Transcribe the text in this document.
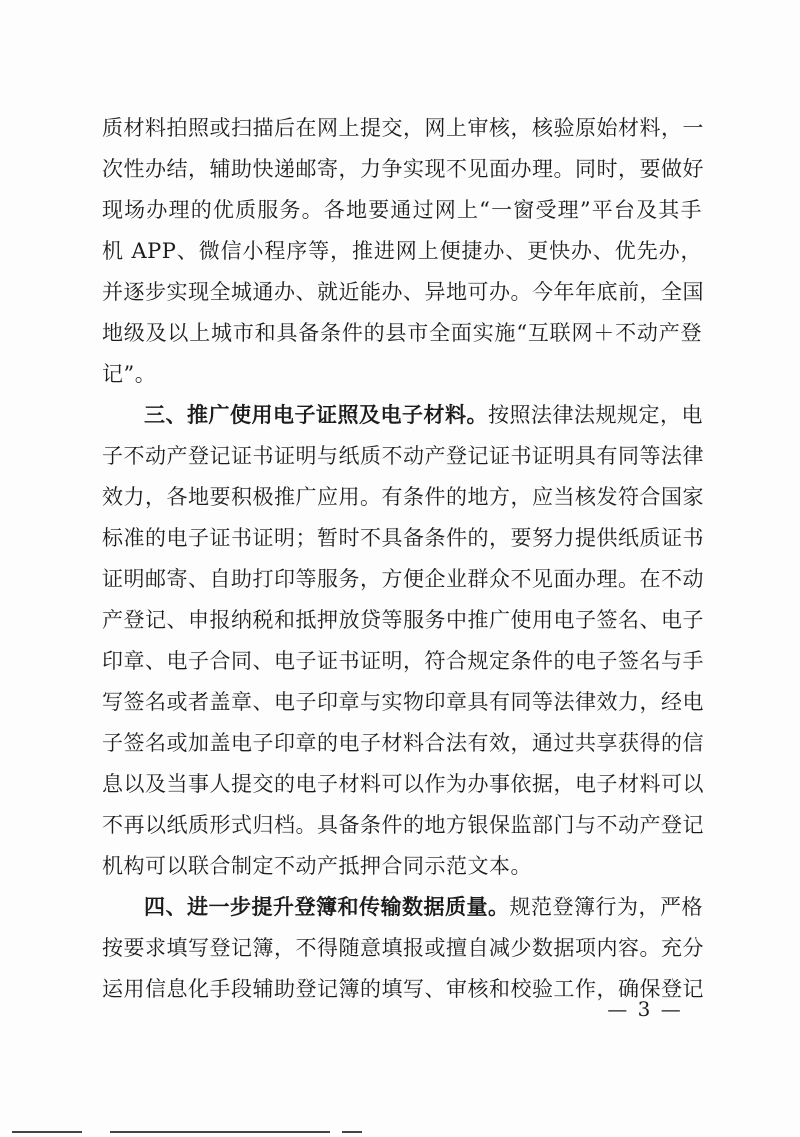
质材料拍照或扫描后在网上提交，网上审核，核验原始材料，一
次性办结，辅助快递邮寄，力争实现不见面办理。同时，要做好
现场办理的优质服务。各地要通过网上“一窗受理”平台及其手
机 APP、微信小程序等，推进网上便捷办、更快办、优先办，
并逐步实现全城通办、就近能办、异地可办。今年年底前，全国
地级及以上城市和具备条件的县市全面实施“互联网＋不动产登
记”。
三、推广使用电子证照及电子材料。按照法律法规规定，电
子不动产登记证书证明与纸质不动产登记证书证明具有同等法律
效力，各地要积极推广应用。有条件的地方，应当核发符合国家
标准的电子证书证明；暂时不具备条件的，要努力提供纸质证书
证明邮寄、自助打印等服务，方便企业群众不见面办理。在不动
产登记、申报纳税和抵押放贷等服务中推广使用电子签名、电子
印章、电子合同、电子证书证明，符合规定条件的电子签名与手
写签名或者盖章、电子印章与实物印章具有同等法律效力，经电
子签名或加盖电子印章的电子材料合法有效，通过共享获得的信
息以及当事人提交的电子材料可以作为办事依据，电子材料可以
不再以纸质形式归档。具备条件的地方银保监部门与不动产登记
机构可以联合制定不动产抵押合同示范文本。
四、进一步提升登簿和传输数据质量。规范登簿行为，严格
— 3 —
按要求填写登记簿，不得随意填报或擅自减少数据项内容。充分
运用信息化手段辅助登记簿的填写、审核和校验工作，确保登记
